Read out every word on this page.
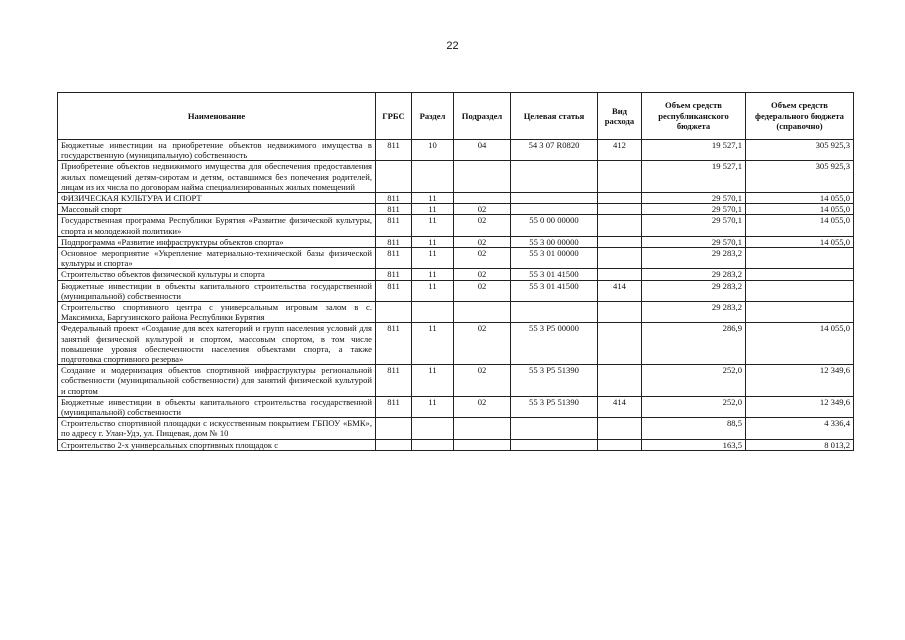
22
Наименование	ГРБС	Раздел	Подраздел	Целевая статья	Вид расхода	Объем средств республиканского бюджета	Объем средств федерального бюджета (справочно)
Бюджетные инвестиции на приобретение объектов недвижимого имущества в государственную (муниципальную) собственность	811	10	04	54 3 07 R0820	412	19 527,1	305 925,3
Приобретение объектов недвижимого имущества для обеспечения предоставления жилых помещений детям-сиротам и детям, оставшимся без попечения родителей, лицам из их числа по договорам найма специализированных жилых помещений						19 527,1	305 925,3
ФИЗИЧЕСКАЯ КУЛЬТУРА И СПОРТ	811	11				29 570,1	14 055,0
Массовый спорт	811	11	02			29 570,1	14 055,0
Государственная программа Республики Бурятия «Развитие физической культуры, спорта и молодежной политики»	811	11	02	55 0 00 00000		29 570,1	14 055,0
Подпрограмма «Развитие инфраструктуры объектов спорта»	811	11	02	55 3 00 00000		29 570,1	14 055,0
Основное мероприятие «Укрепление материально-технической базы физической культуры и спорта»	811	11	02	55 3 01 00000		29 283,2	
Строительство объектов физической культуры и спорта	811	11	02	55 3 01 41500		29 283,2	
Бюджетные инвестиции в объекты капитального строительства государственной (муниципальной) собственности	811	11	02	55 3 01 41500	414	29 283,2	
Строительство спортивного центра с универсальным игровым залом в с. Максимиха, Баргузинского района Республики Бурятия						29 283,2	
Федеральный проект «Создание для всех категорий и групп населения условий для занятий физической культурой и спортом, массовым спортом, в том числе повышение уровня обеспеченности населения объектами спорта, а также подготовка спортивного резерва»	811	11	02	55 3 P5 00000		286,9	14 055,0
Создание и модернизация объектов спортивной инфраструктуры региональной собственности (муниципальной собственности) для занятий физической культурой и спортом	811	11	02	55 3 P5 51390		252,0	12 349,6
Бюджетные инвестиции в объекты капитального строительства государственной (муниципальной) собственности	811	11	02	55 3 P5 51390	414	252,0	12 349,6
Строительство спортивной площадки с искусственным покрытием ГБПОУ «БМК», по адресу г. Улан-Удэ, ул. Пищевая, дом № 10						88,5	4 336,4
Строительство 2-х универсальных спортивных площадок с						163,5	8 013,2
